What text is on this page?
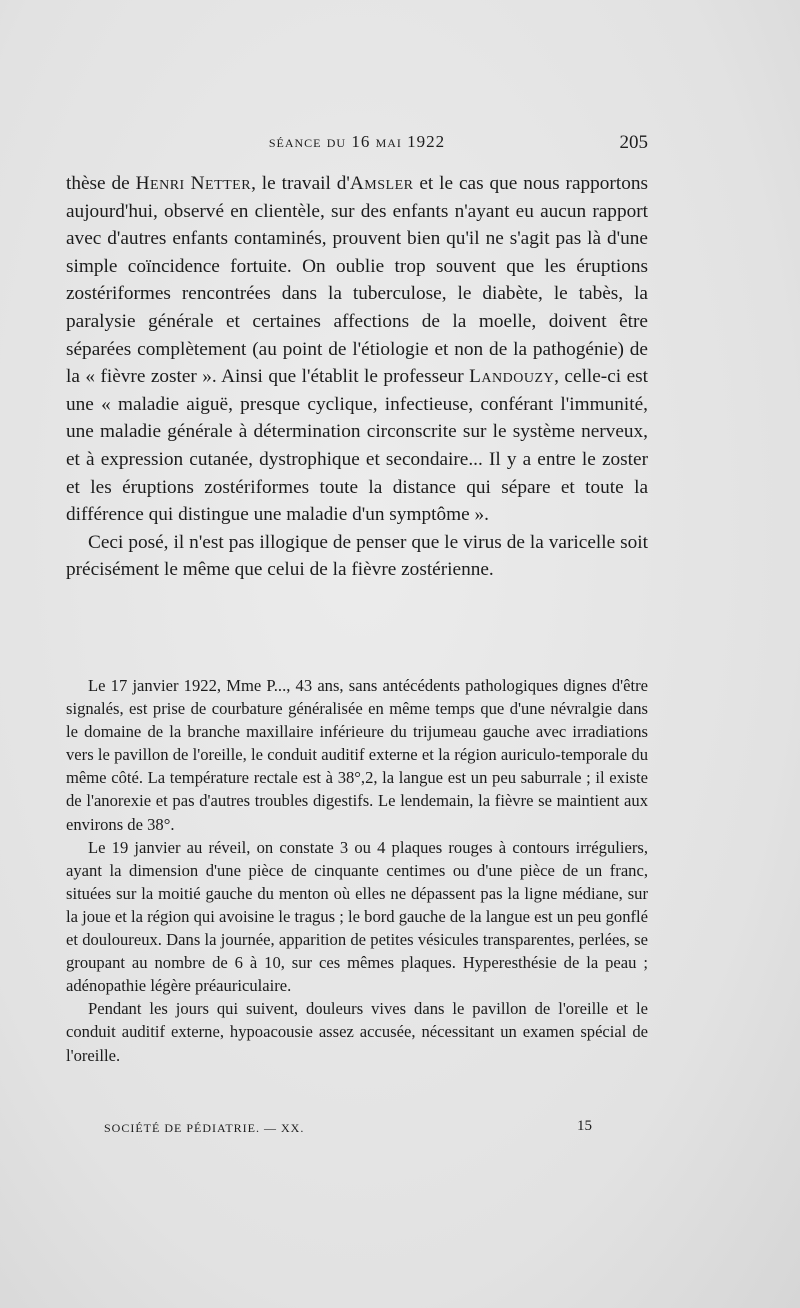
séance du 16 mai 1922	205

thèse de Henri Netter, le travail d'Amsler et le cas que nous rapportons aujourd'hui, observé en clientèle, sur des enfants n'ayant eu aucun rapport avec d'autres enfants contaminés, prouvent bien qu'il ne s'agit pas là d'une simple coïncidence fortuite. On oublie trop souvent que les éruptions zostériformes rencontrées dans la tuberculose, le diabète, le tabès, la paralysie générale et certaines affections de la moelle, doivent être séparées complètement (au point de l'étiologie et non de la pathogénie) de la « fièvre zoster ». Ainsi que l'établit le professeur Landouzy, celle-ci est une « maladie aiguë, presque cyclique, infectieuse, conférant l'immunité, une maladie générale à détermination circonscrite sur le système nerveux, et à expression cutanée, dystrophique et secondaire... Il y a entre le zoster et les éruptions zostériformes toute la distance qui sépare et toute la différence qui distingue une maladie d'un symptôme ».

Ceci posé, il n'est pas illogique de penser que le virus de la varicelle soit précisément le même que celui de la fièvre zostérienne.

Le 17 janvier 1922, Mme P..., 43 ans, sans antécédents pathologiques dignes d'être signalés, est prise de courbature généralisée en même temps que d'une névralgie dans le domaine de la branche maxillaire inférieure du trijumeau gauche avec irradiations vers le pavillon de l'oreille, le conduit auditif externe et la région auriculo-temporale du même côté. La température rectale est à 38°,2, la langue est un peu saburrale ; il existe de l'anorexie et pas d'autres troubles digestifs. Le lendemain, la fièvre se maintient aux environs de 38°.

Le 19 janvier au réveil, on constate 3 ou 4 plaques rouges à contours irréguliers, ayant la dimension d'une pièce de cinquante centimes ou d'une pièce de un franc, situées sur la moitié gauche du menton où elles ne dépassent pas la ligne médiane, sur la joue et la région qui avoisine le tragus ; le bord gauche de la langue est un peu gonflé et douloureux. Dans la journée, apparition de petites vésicules transparentes, perlées, se groupant au nombre de 6 à 10, sur ces mêmes plaques. Hyperesthésie de la peau ; adénopathie légère préauriculaire.

Pendant les jours qui suivent, douleurs vives dans le pavillon de l'oreille et le conduit auditif externe, hypoacousie assez accusée, nécessitant un examen spécial de l'oreille.

SOCIÉTÉ DE PÉDIATRIE. — XX.	15
